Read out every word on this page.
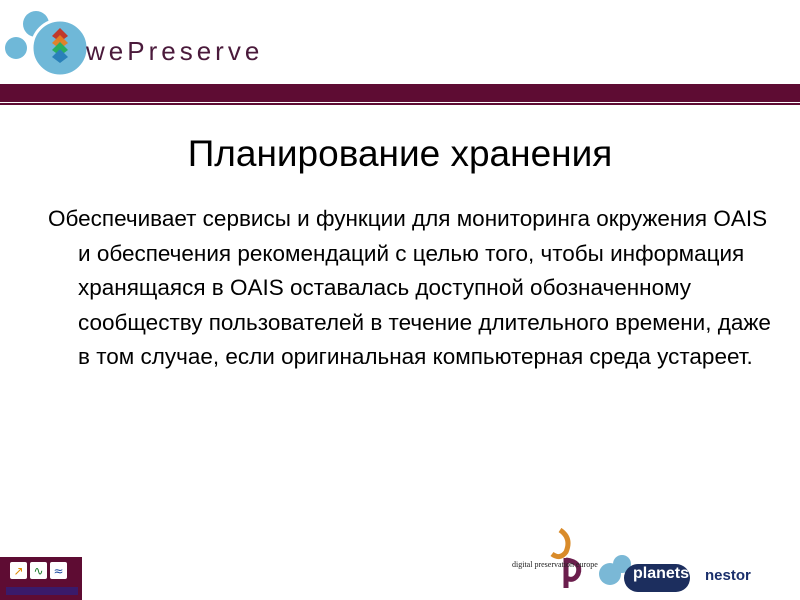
wePreserve
Планирование хранения
Обеспечивает сервисы и функции для мониторинга окружения OAIS и обеспечения рекомендаций с целью того, чтобы информация хранящаяся в OAIS оставалась доступной обозначенному сообществу пользователей в течение длительного времени, даже в том случае, если оригинальная компьютерная среда устареет.
↗ ∿ ≈	digital preservation europe
planets nestor
